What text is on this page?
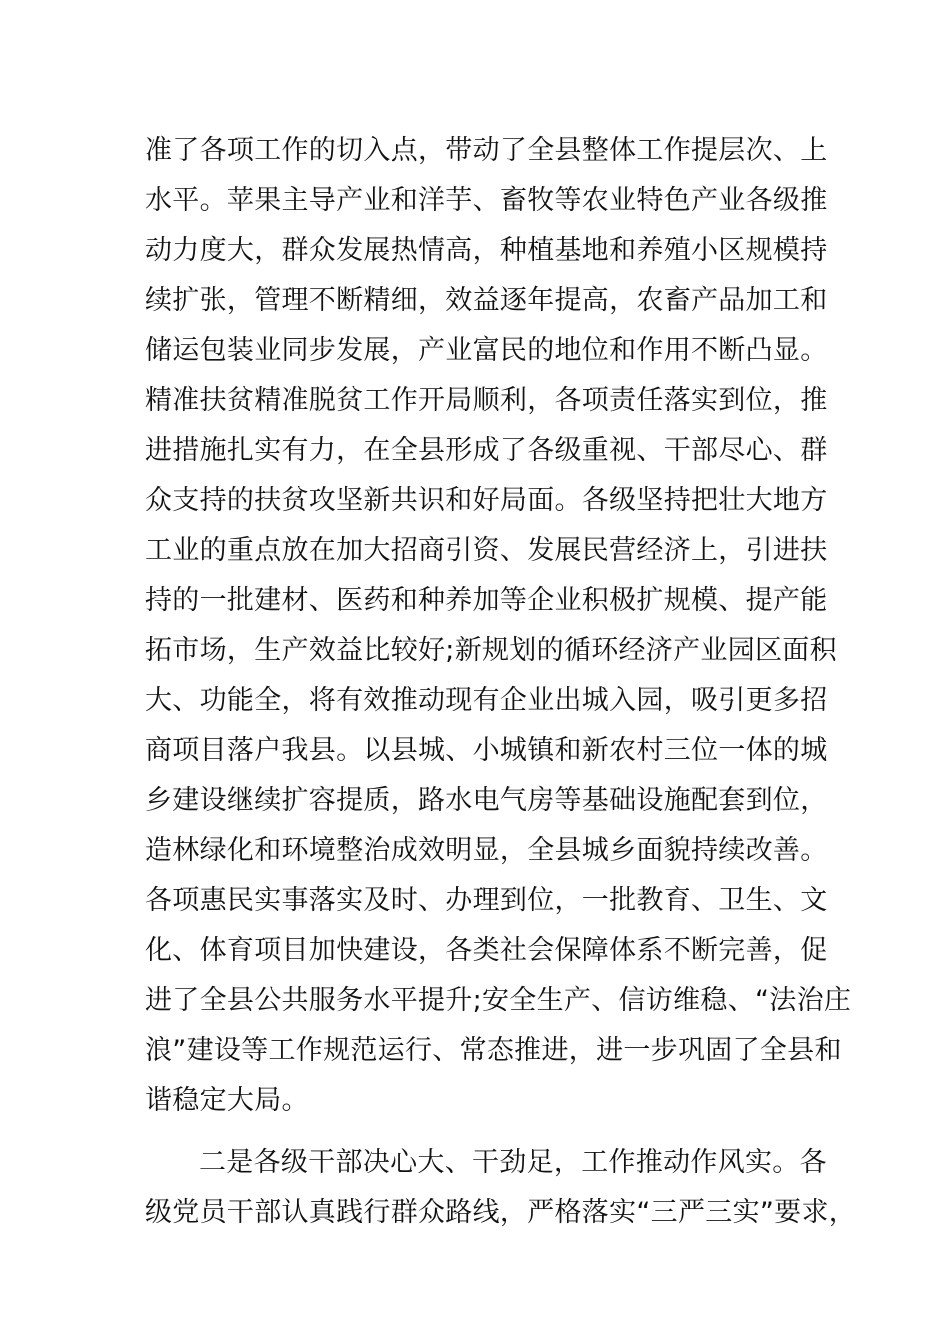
准了各项工作的切入点，带动了全县整体工作提层次、上
水平。苹果主导产业和洋芋、畜牧等农业特色产业各级推
动力度大，群众发展热情高，种植基地和养殖小区规模持
续扩张，管理不断精细，效益逐年提高，农畜产品加工和
储运包装业同步发展，产业富民的地位和作用不断凸显。
精准扶贫精准脱贫工作开局顺利，各项责任落实到位，推
进措施扎实有力，在全县形成了各级重视、干部尽心、群
众支持的扶贫攻坚新共识和好局面。各级坚持把壮大地方
工业的重点放在加大招商引资、发展民营经济上，引进扶
持的一批建材、医药和种养加等企业积极扩规模、提产能
拓市场，生产效益比较好;新规划的循环经济产业园区面积
大、功能全，将有效推动现有企业出城入园，吸引更多招
商项目落户我县。以县城、小城镇和新农村三位一体的城
乡建设继续扩容提质，路水电气房等基础设施配套到位，
造林绿化和环境整治成效明显，全县城乡面貌持续改善。
各项惠民实事落实及时、办理到位，一批教育、卫生、文
化、体育项目加快建设，各类社会保障体系不断完善，促
进了全县公共服务水平提升;安全生产、信访维稳、“法治庄
浪”建设等工作规范运行、常态推进，进一步巩固了全县和
谐稳定大局。
二是各级干部决心大、干劲足，工作推动作风实。各
级党员干部认真践行群众路线，严格落实“三严三实”要求，
